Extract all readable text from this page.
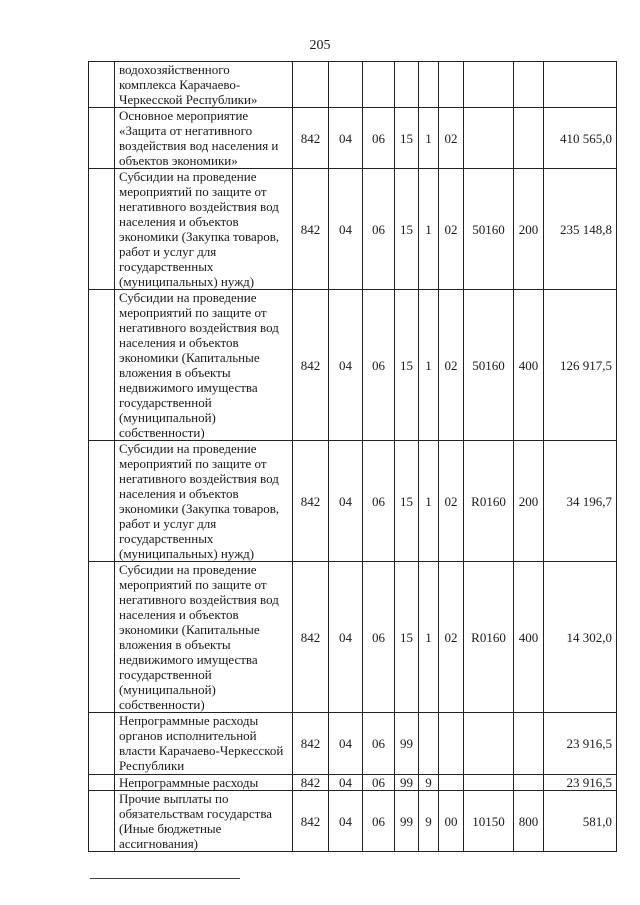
205
	водохозяйственного комплекса Карачаево-Черкесской Республики»									
	Основное мероприятие «Защита от негативного воздействия вод населения и объектов экономики»	842	04	06	15	1	02			410 565,0
	Субсидии на проведение мероприятий по защите от негативного воздействия вод населения и объектов экономики (Закупка товаров, работ и услуг для государственных (муниципальных) нужд)	842	04	06	15	1	02	50160	200	235 148,8
	Субсидии на проведение мероприятий по защите от негативного воздействия вод населения и объектов экономики (Капитальные вложения в объекты недвижимого имущества государственной (муниципальной) собственности)	842	04	06	15	1	02	50160	400	126 917,5
	Субсидии на проведение мероприятий по защите от негативного воздействия вод населения и объектов экономики (Закупка товаров, работ и услуг для государственных (муниципальных) нужд)	842	04	06	15	1	02	R0160	200	34 196,7
	Субсидии на проведение мероприятий по защите от негативного воздействия вод населения и объектов экономики (Капитальные вложения в объекты недвижимого имущества государственной (муниципальной) собственности)	842	04	06	15	1	02	R0160	400	14 302,0
	Непрограммные расходы органов исполнительной власти Карачаево-Черкесской Республики	842	04	06	99					23 916,5
	Непрограммные расходы	842	04	06	99	9				23 916,5
	Прочие выплаты по обязательствам государства (Иные бюджетные ассигнования)	842	04	06	99	9	00	10150	800	581,0
